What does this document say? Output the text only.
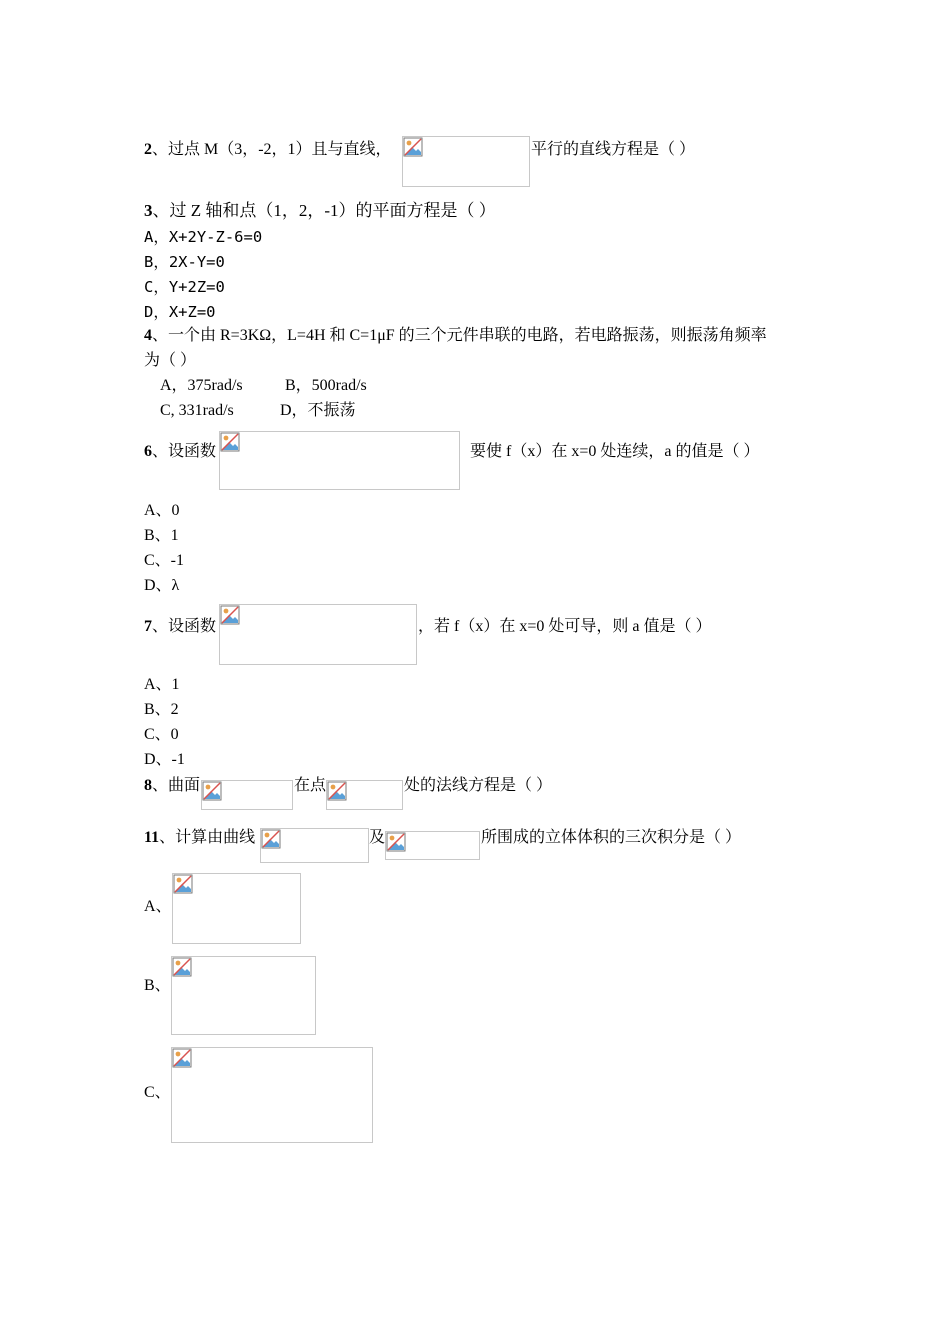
2、过点 M（3，-2，1）且与直线，	平行的直线方程是（ ）
3、过 Z 轴和点（1，2，-1）的平面方程是（ ）
A，X+2Y-Z-6=0
B，2X-Y=0
C，Y+2Z=0
D，X+Z=0
4、一个由 R=3KΩ，L=4H 和 C=1μF 的三个元件串联的电路，若电路振荡，则振荡角频率
为（ ）
A，375rad/s	B，500rad/s
C, 331rad/s	D，不振荡
6、设函数	要使 f（x）在 x=0 处连续，a 的值是（ ）
A、0
B、1
C、-1
D、λ
7、设函数	，若 f（x）在 x=0 处可导，则 a 值是（ ）
A、1
B、2
C、0
D、-1
8、曲面	在点	处的法线方程是（ ）
11、计算由曲线	及	所围成的立体体积的三次积分是（ ）
A、
B、
C、
